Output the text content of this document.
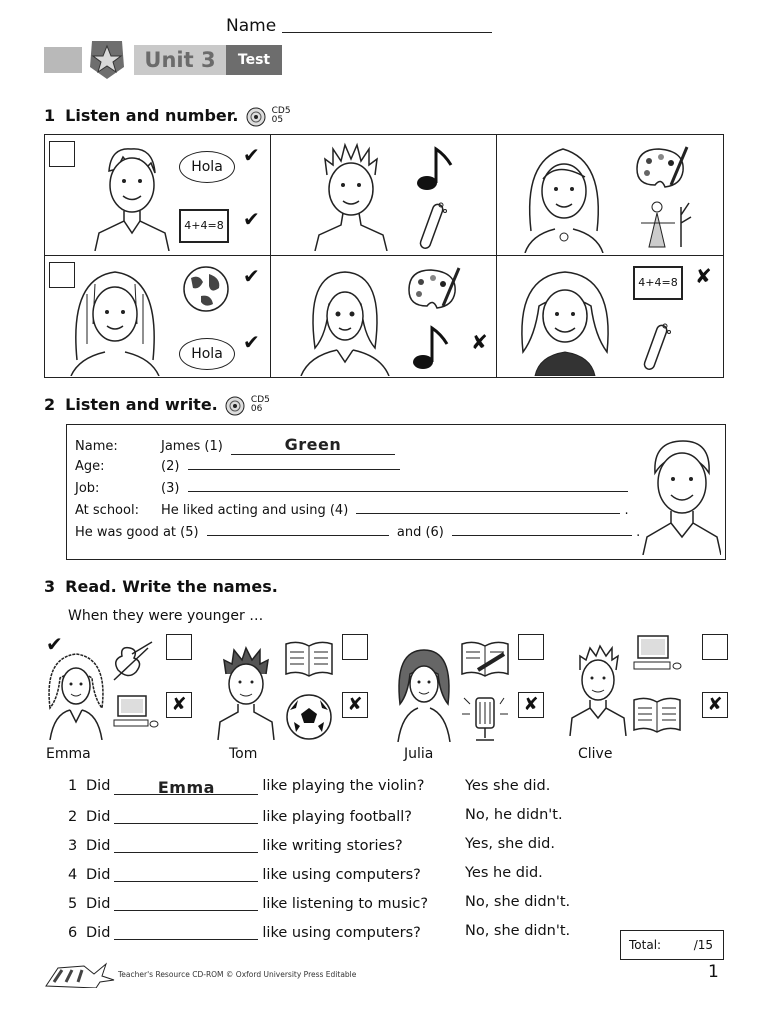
Name
Unit 3	Test
1 Listen and number.	CD5
05
Hola
4+4=8
✔
✔
Hola
✔
✔	✘
4+4=8 ✘
2 Listen and write.	CD5
06
Name:	James (1)	Green
Age:	(2)
Job:	(3)
At school: He liked acting and using (4)	.
He was good at (5)	and (6)	.
3 Read. Write the names.
When they were younger …
✔
✘
Emma
✘
Tom
✘
Julia
✘
Clive
1 Did	Emma	like playing the violin?	Yes she did.
2 Did	like playing football?	No, he didn't.
3 Did	like writing stories?	Yes, she did.
4 Did	like using computers?	Yes he did.
5 Did	like listening to music?	No, she didn't.
6 Did	like using computers?	No, she didn't.
Total:	/15
Teacher's Resource CD-ROM © Oxford University Press Editable	1
